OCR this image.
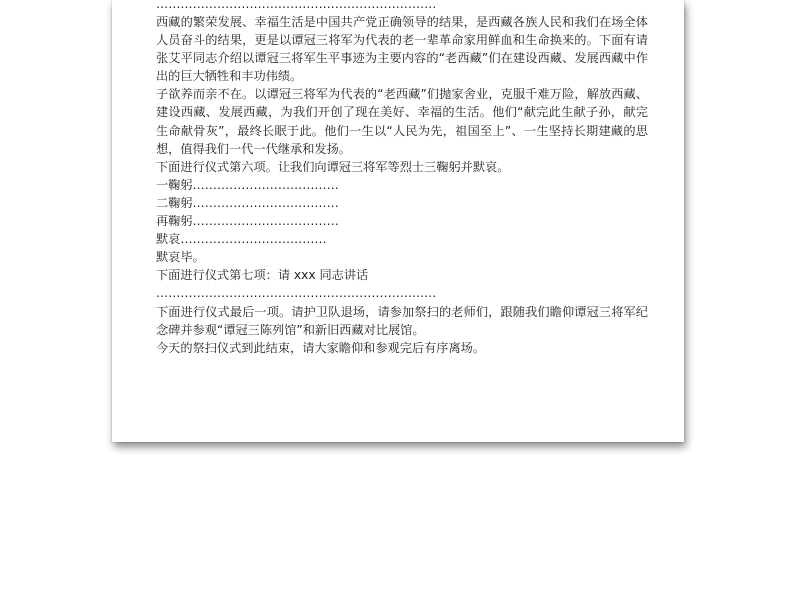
……………………………………………………………

西藏的繁荣发展、幸福生活是中国共产党正确领导的结果，是西藏各族人民和我们在场全体人员奋斗的结果，更是以谭冠三将军为代表的老一辈革命家用鲜血和生命换来的。下面有请张艾平同志介绍以谭冠三将军生平事迹为主要内容的“老西藏”们在建设西藏、发展西藏中作出的巨大牺牲和丰功伟绩。

子欲养而亲不在。以谭冠三将军为代表的“老西藏”们抛家舍业，克服千难万险，解放西藏、建设西藏、发展西藏，为我们开创了现在美好、幸福的生活。他们“献完此生献子孙，献完生命献骨灰”，最终长眠于此。他们一生以“人民为先，祖国至上”、一生坚持长期建藏的思想，值得我们一代一代继承和发扬。

下面进行仪式第六项。让我们向谭冠三将军等烈士三鞠躬并默哀。

一鞠躬………………………………

二鞠躬………………………………

再鞠躬………………………………

默哀………………………………

默哀毕。

下面进行仪式第七项：请 xxx 同志讲话

……………………………………………………………

下面进行仪式最后一项。请护卫队退场，请参加祭扫的老师们，跟随我们瞻仰谭冠三将军纪念碑并参观“谭冠三陈列馆”和新旧西藏对比展馆。

今天的祭扫仪式到此结束，请大家瞻仰和参观完后有序离场。
